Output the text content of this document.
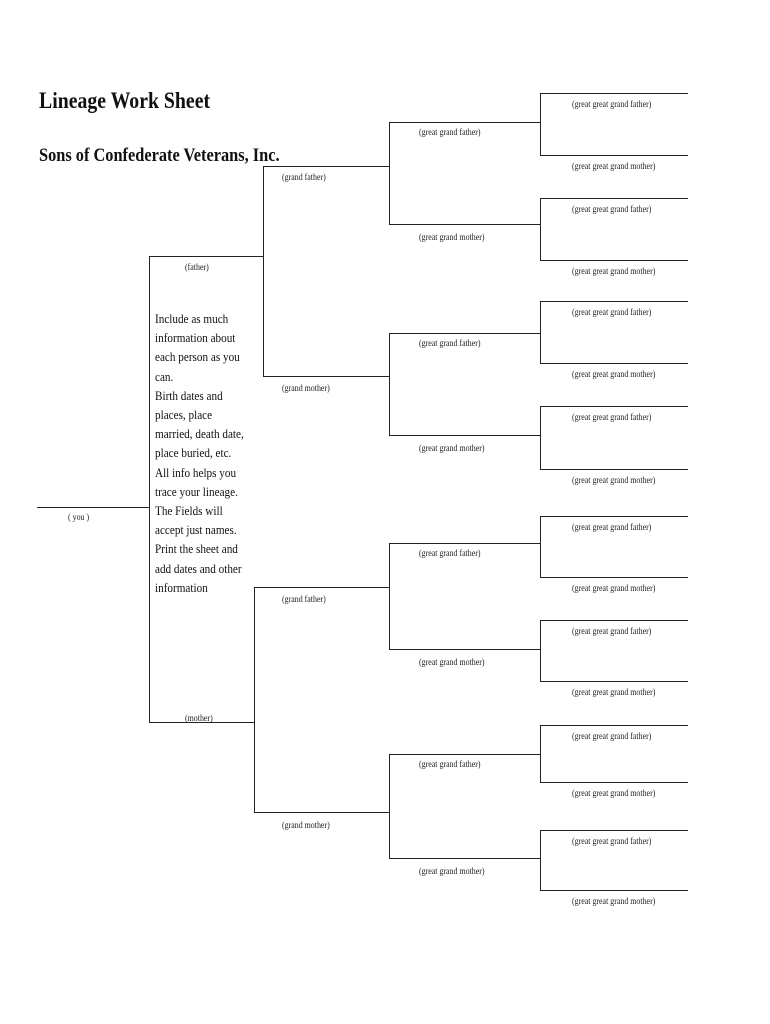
Lineage Work Sheet
Sons of Confederate Veterans, Inc.
Include as much
information about
each person as you
can.
Birth dates and
places, place
married, death date,
place buried, etc.
All info helps you
trace your lineage.
The Fields will
accept just names.
Print the sheet and
add dates and other
information
( you )
(father)
(mother)
(grand father)
(grand mother)
(grand father)
(grand mother)
(great grand father)
(great grand mother)
(great grand father)
(great grand mother)
(great grand father)
(great grand mother)
(great grand father)
(great grand mother)
(great great grand father)
(great great grand mother)
(great great grand father)
(great great grand mother)
(great great grand father)
(great great grand mother)
(great great grand father)
(great great grand mother)
(great great grand father)
(great great grand mother)
(great great grand father)
(great great grand mother)
(great great grand father)
(great great grand mother)
(great great grand father)
(great great grand mother)
